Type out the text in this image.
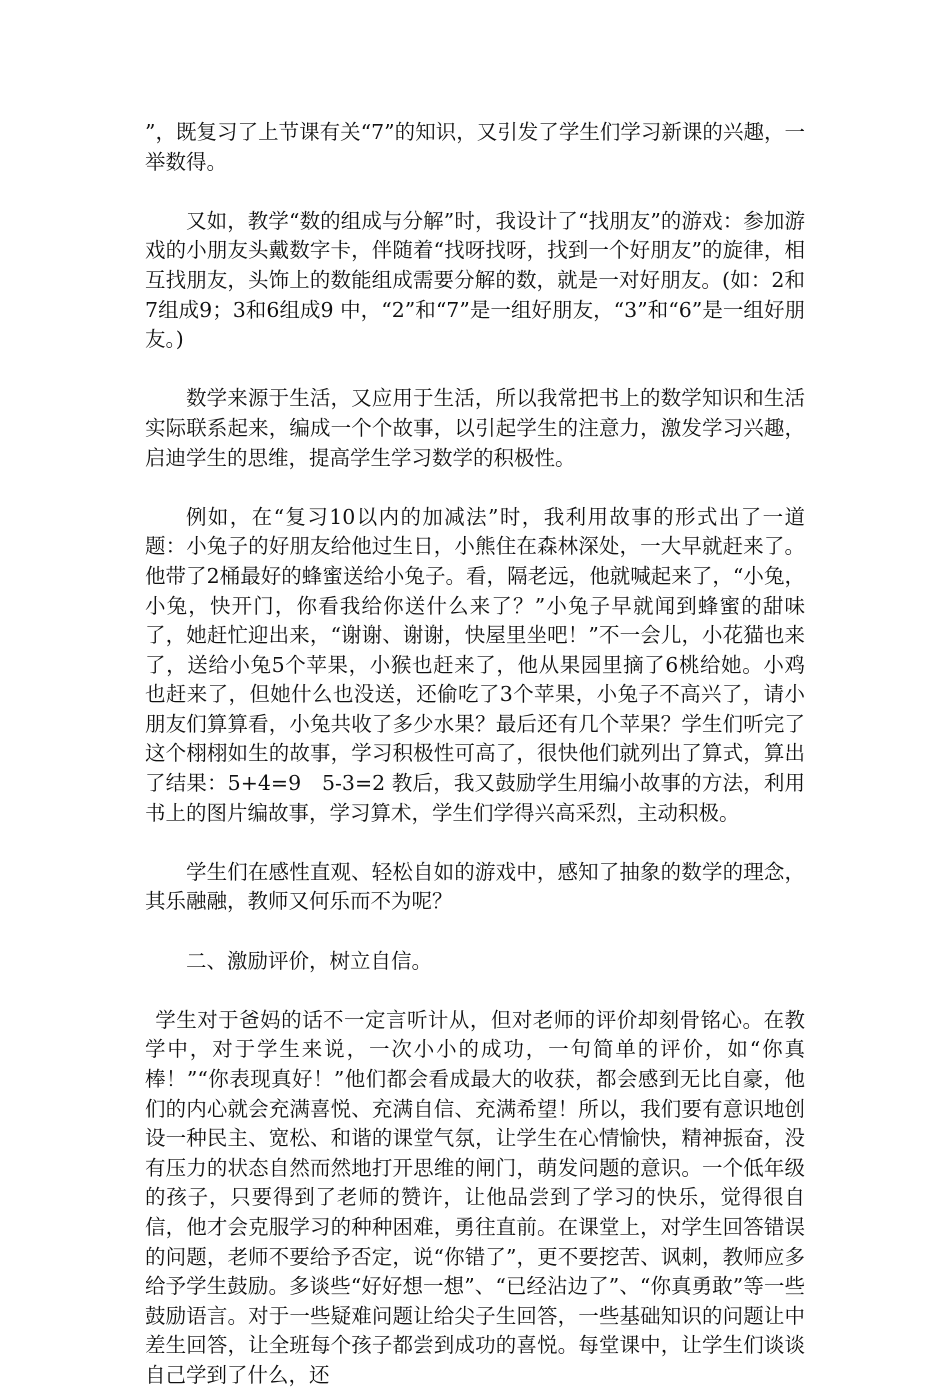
”，既复习了上节课有关“7”的知识，又引发了学生们学习新课的兴趣，一举数得。

又如，教学“数的组成与分解”时，我设计了“找朋友”的游戏：参加游戏的小朋友头戴数字卡，伴随着“找呀找呀，找到一个好朋友”的旋律，相互找朋友，头饰上的数能组成需要分解的数，就是一对好朋友。(如：2和7组成9；3和6组成9 中，“2”和“7”是一组好朋友，“3”和“6”是一组好朋友。)

数学来源于生活，又应用于生活，所以我常把书上的数学知识和生活实际联系起来，编成一个个故事，以引起学生的注意力，激发学习兴趣，启迪学生的思维，提高学生学习数学的积极性。

例如，在“复习10以内的加减法”时，我利用故事的形式出了一道题：小兔子的好朋友给他过生日，小熊住在森林深处，一大早就赶来了。他带了2桶最好的蜂蜜送给小兔子。看，隔老远，他就喊起来了，“小兔，小兔，快开门，你看我给你送什么来了？”小兔子早就闻到蜂蜜的甜味了，她赶忙迎出来，“谢谢、谢谢，快屋里坐吧！”不一会儿，小花猫也来了，送给小兔5个苹果，小猴也赶来了，他从果园里摘了6桃给她。小鸡也赶来了，但她什么也没送，还偷吃了3个苹果，小兔子不高兴了，请小朋友们算算看，小兔共收了多少水果？最后还有几个苹果？学生们听完了这个栩栩如生的故事，学习积极性可高了，很快他们就列出了算式，算出了结果：5+4=9　5-3=2 教后，我又鼓励学生用编小故事的方法，利用书上的图片编故事，学习算术，学生们学得兴高采烈，主动积极。

学生们在感性直观、轻松自如的游戏中，感知了抽象的数学的理念，其乐融融，教师又何乐而不为呢？

二、激励评价，树立自信。

学生对于爸妈的话不一定言听计从，但对老师的评价却刻骨铭心。在教学中，对于学生来说，一次小小的成功，一句简单的评价，如“你真棒！”“你表现真好！”他们都会看成最大的收获，都会感到无比自豪，他们的内心就会充满喜悦、充满自信、充满希望！所以，我们要有意识地创设一种民主、宽松、和谐的课堂气氛，让学生在心情愉快，精神振奋，没有压力的状态自然而然地打开思维的闸门，萌发问题的意识。一个低年级的孩子，只要得到了老师的赞许，让他品尝到了学习的快乐，觉得很自信，他才会克服学习的种种困难，勇往直前。在课堂上，对学生回答错误的问题，老师不要给予否定，说“你错了”，更不要挖苦、讽刺，教师应多给予学生鼓励。多谈些“好好想一想”、“已经沾边了”、“你真勇敢”等一些鼓励语言。对于一些疑难问题让给尖子生回答，一些基础知识的问题让中差生回答，让全班每个孩子都尝到成功的喜悦。每堂课中，让学生们谈谈自己学到了什么，还
